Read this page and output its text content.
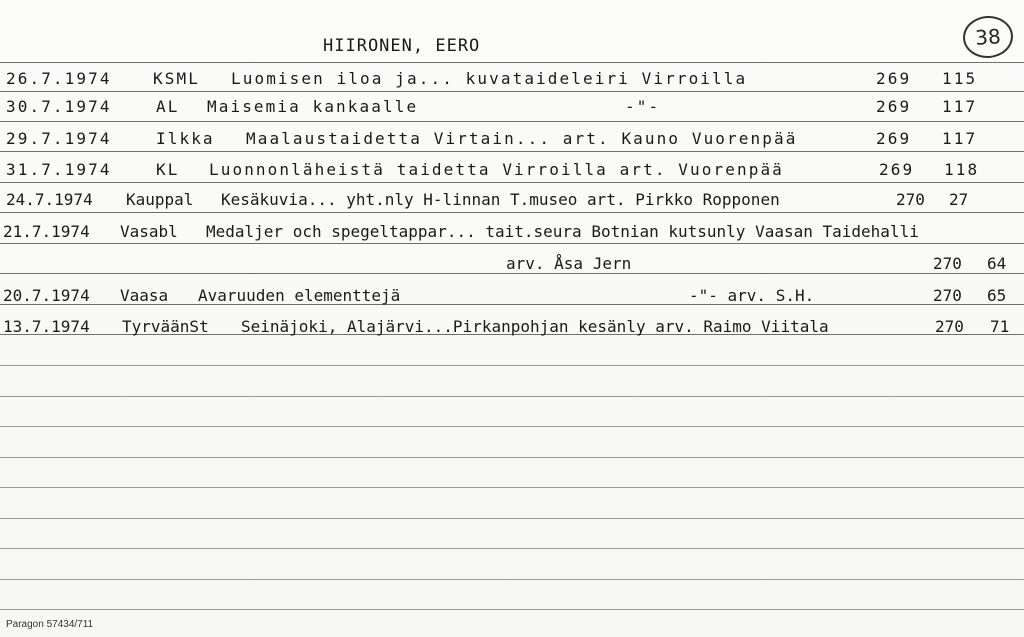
HIIRONEN, EERO	38
26.7.1974	KSML Luomisen iloa ja... kuvataideleiri Virroilla	269 115
30.7.1974	AL Maisemia kankaalle	-"-	269 117
29.7.1974	Ilkka Maalaustaidetta Virtain... art. Kauno Vuorenpää	269 117
31.7.1974	KL Luonnonläheistä taidetta Virroilla art. Vuorenpää	269 118
24.7.1974 Kauppal Kesäkuvia... yht.nly H-linnan T.museo art. Pirkko Ropponen	270 27
21.7.1974 Vasabl Medaljer och spegeltappar... tait.seura Botnian kutsunly Vaasan Taidehalli
arv. Åsa Jern	270 64
20.7.1974 Vaasa Avaruuden elementtejä	-"- arv. S.H.	270 65
13.7.1974 TyrväänSt Seinäjoki, Alajärvi...Pirkanpohjan kesänly arv. Raimo Viitala	270 71
Paragon 57434/711
